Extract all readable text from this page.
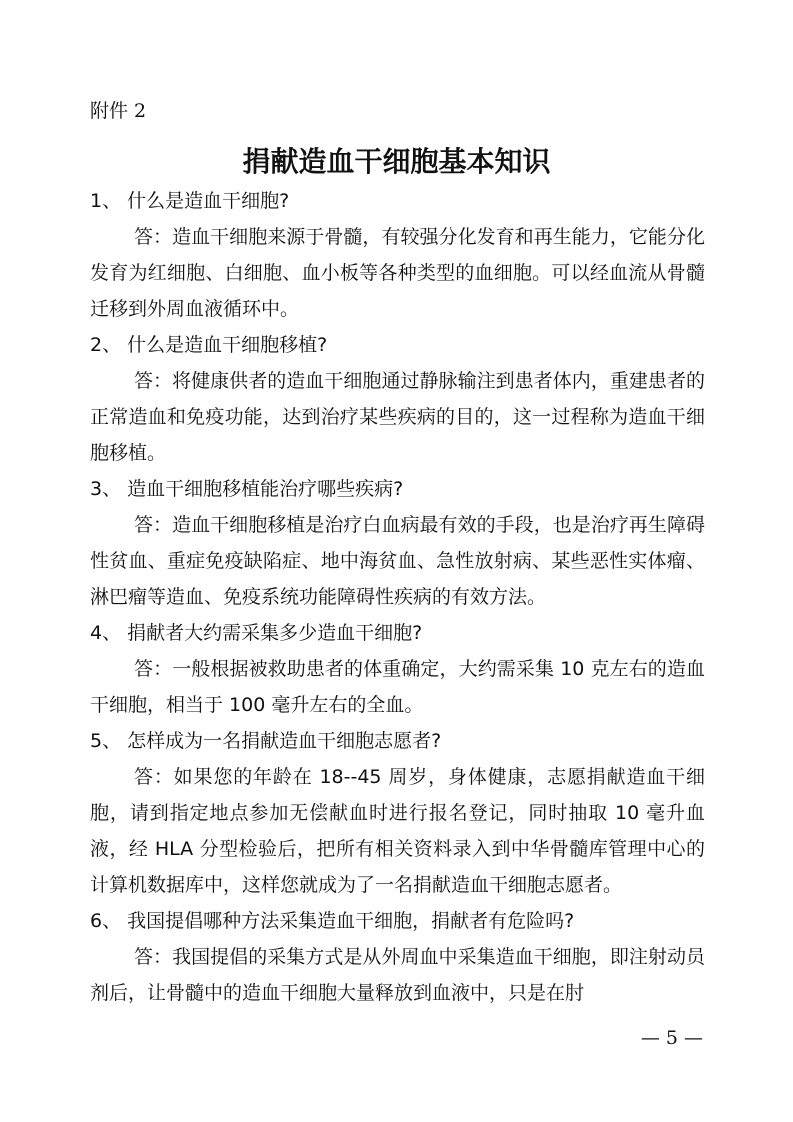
附件 2
捐献造血干细胞基本知识
1、 什么是造血干细胞?
答：造血干细胞来源于骨髓，有较强分化发育和再生能力，它能分化发育为红细胞、白细胞、血小板等各种类型的血细胞。可以经血流从骨髓迁移到外周血液循环中。
2、 什么是造血干细胞移植?
答：将健康供者的造血干细胞通过静脉输注到患者体内，重建患者的正常造血和免疫功能，达到治疗某些疾病的目的，这一过程称为造血干细胞移植。
3、 造血干细胞移植能治疗哪些疾病?
答：造血干细胞移植是治疗白血病最有效的手段，也是治疗再生障碍性贫血、重症免疫缺陷症、地中海贫血、急性放射病、某些恶性实体瘤、淋巴瘤等造血、免疫系统功能障碍性疾病的有效方法。
4、 捐献者大约需采集多少造血干细胞?
答：一般根据被救助患者的体重确定，大约需采集 10 克左右的造血干细胞，相当于 100 毫升左右的全血。
5、 怎样成为一名捐献造血干细胞志愿者?
答：如果您的年龄在 18--45 周岁，身体健康，志愿捐献造血干细胞，请到指定地点参加无偿献血时进行报名登记，同时抽取 10 毫升血液，经 HLA 分型检验后，把所有相关资料录入到中华骨髓库管理中心的计算机数据库中，这样您就成为了一名捐献造血干细胞志愿者。
6、 我国提倡哪种方法采集造血干细胞，捐献者有危险吗?
答：我国提倡的采集方式是从外周血中采集造血干细胞，即注射动员剂后，让骨髓中的造血干细胞大量释放到血液中，只是在肘
— 5 —
